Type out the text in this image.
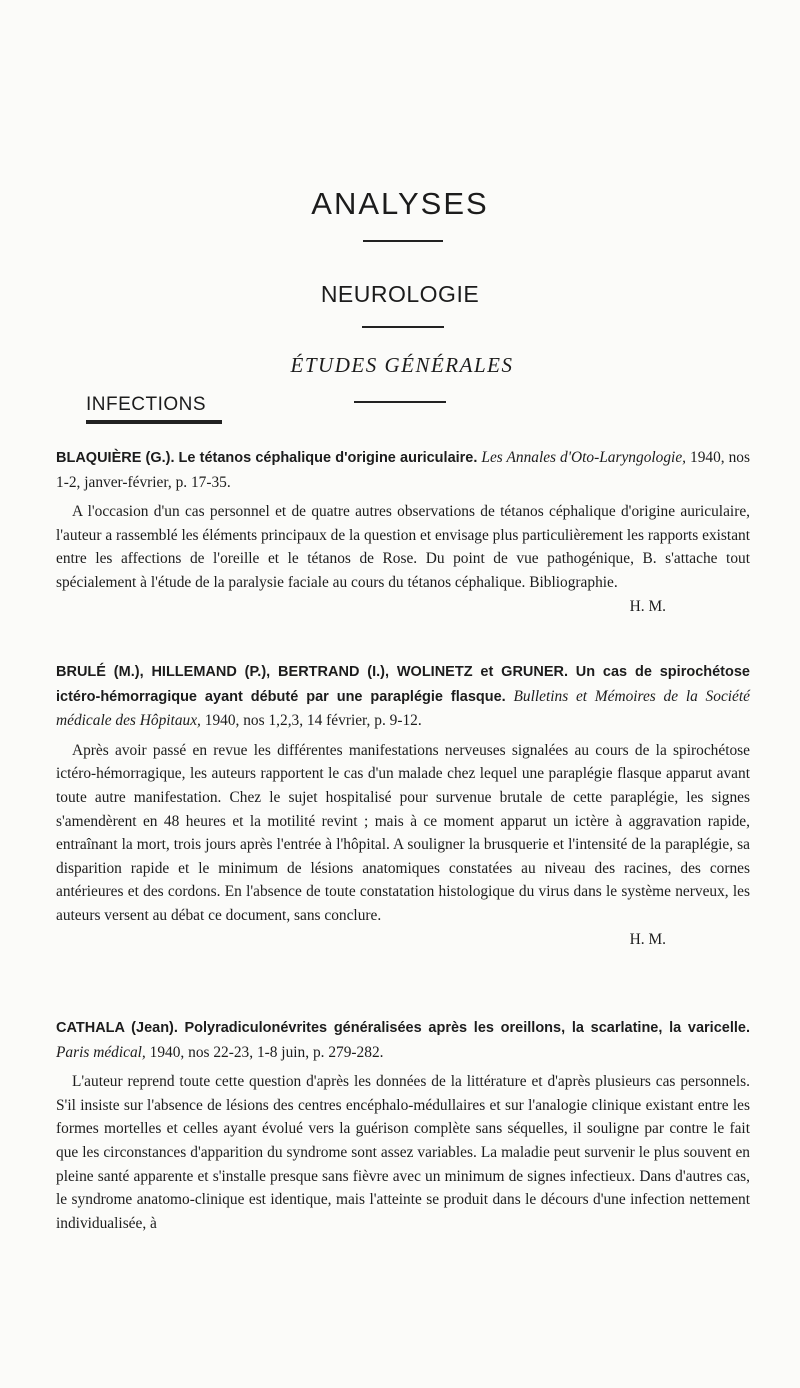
ANALYSES
NEUROLOGIE
ÉTUDES GÉNÉRALES
INFECTIONS
BLAQUIÈRE (G.). Le tétanos céphalique d'origine auriculaire. Les Annales d'Oto-Laryngologie, 1940, nos 1-2, janver-février, p. 17-35.

A l'occasion d'un cas personnel et de quatre autres observations de tétanos céphalique d'origine auriculaire, l'auteur a rassemblé les éléments principaux de la question et envisage plus particulièrement les rapports existant entre les affections de l'oreille et le tétanos de Rose. Du point de vue pathogénique, B. s'attache tout spécialement à l'étude de la paralysie faciale au cours du tétanos céphalique. Bibliographie.

H. M.
BRULÉ (M.), HILLEMAND (P.), BERTRAND (I.), WOLINETZ et GRUNER. Un cas de spirochétose ictéro-hémorragique ayant débuté par une paraplégie flasque. Bulletins et Mémoires de la Société médicale des Hôpitaux, 1940, nos 1,2,3, 14 février, p. 9-12.

Après avoir passé en revue les différentes manifestations nerveuses signalées au cours de la spirochétose ictéro-hémorragique, les auteurs rapportent le cas d'un malade chez lequel une paraplégie flasque apparut avant toute autre manifestation. Chez le sujet hospitalisé pour survenue brutale de cette paraplégie, les signes s'amendèrent en 48 heures et la motilité revint ; mais à ce moment apparut un ictère à aggravation rapide, entraînant la mort, trois jours après l'entrée à l'hôpital. A souligner la brusquerie et l'intensité de la paraplégie, sa disparition rapide et le minimum de lésions anatomiques constatées au niveau des racines, des cornes antérieures et des cordons. En l'absence de toute constatation histologique du virus dans le système nerveux, les auteurs versent au débat ce document, sans conclure.

H. M.
CATHALA (Jean). Polyradiculonévrites généralisées après les oreillons, la scarlatine, la varicelle. Paris médical, 1940, nos 22-23, 1-8 juin, p. 279-282.

L'auteur reprend toute cette question d'après les données de la littérature et d'après plusieurs cas personnels. S'il insiste sur l'absence de lésions des centres encéphalo-médullaires et sur l'analogie clinique existant entre les formes mortelles et celles ayant évolué vers la guérison complète sans séquelles, il souligne par contre le fait que les circonstances d'apparition du syndrome sont assez variables. La maladie peut survenir le plus souvent en pleine santé apparente et s'installe presque sans fièvre avec un minimum de signes infectieux. Dans d'autres cas, le syndrome anatomo-clinique est identique, mais l'atteinte se produit dans le décours d'une infection nettement individualisée, à
